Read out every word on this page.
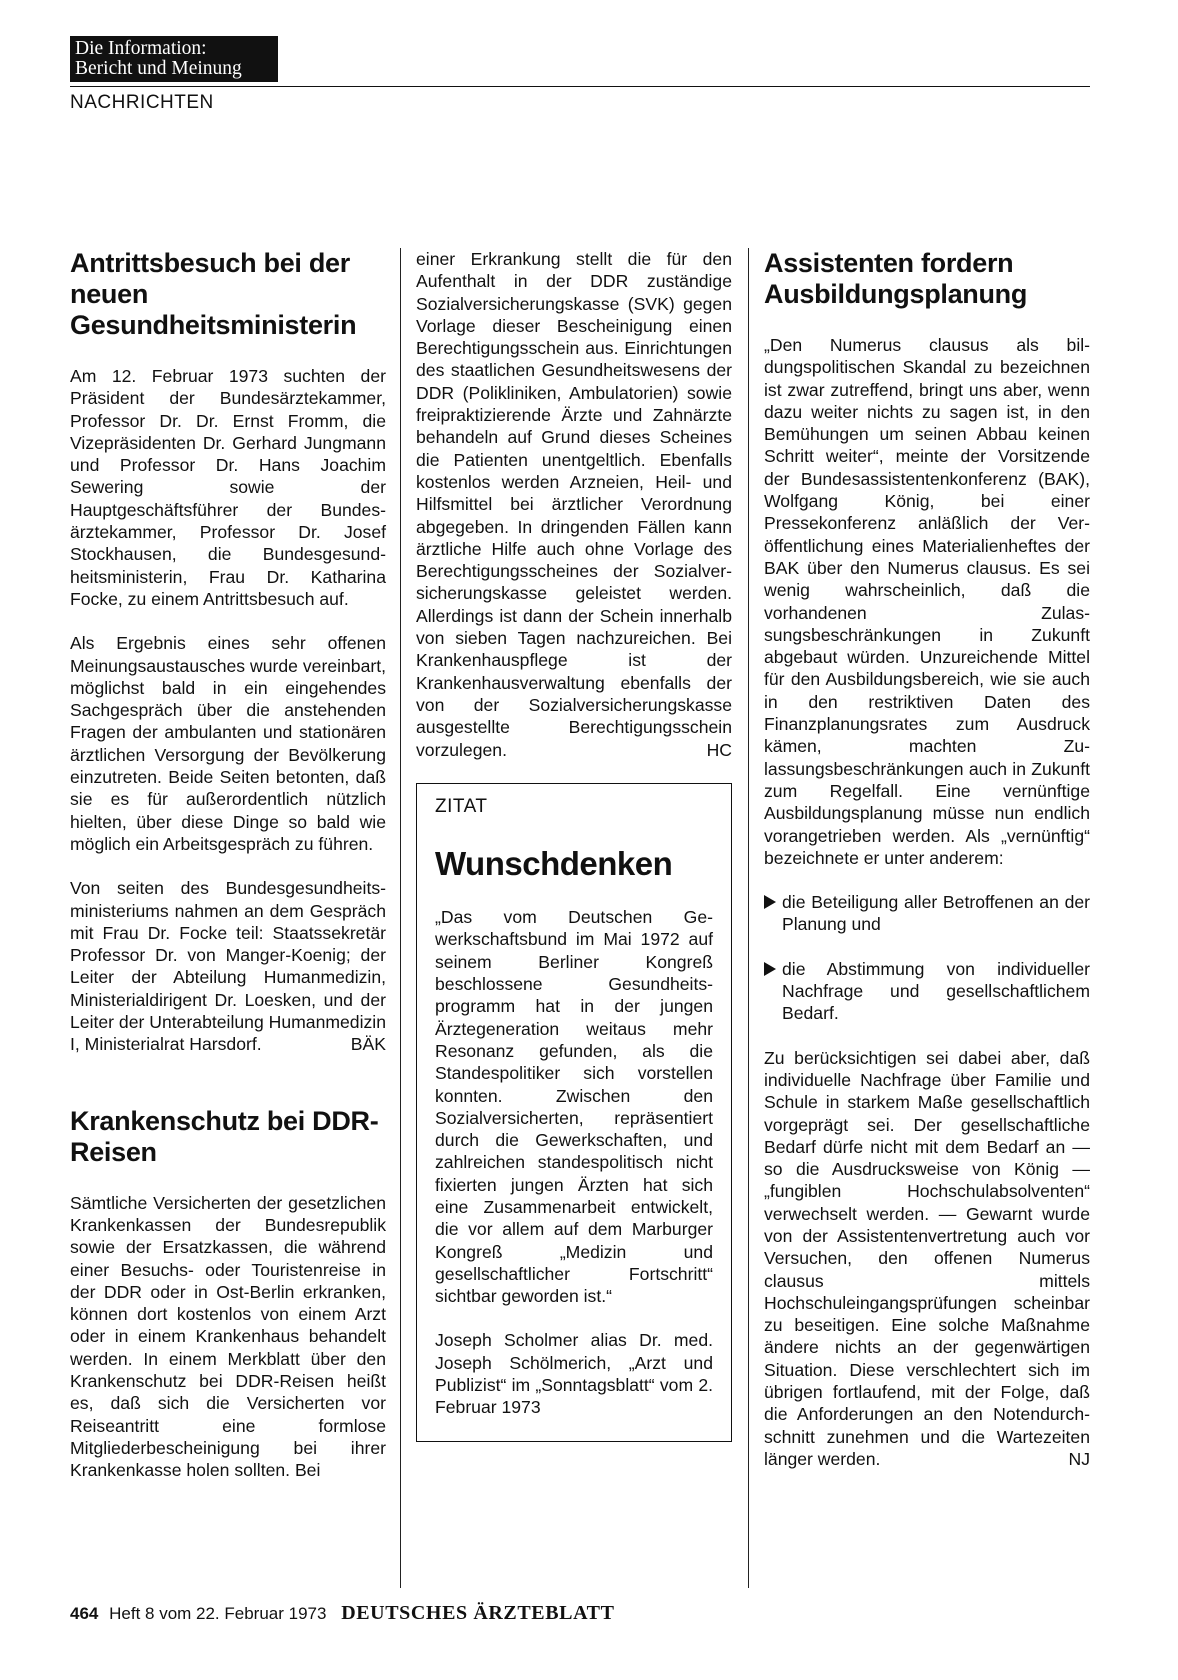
Die Information:
Bericht und Meinung
NACHRICHTEN
Antrittsbesuch bei der neuen Gesundheitsministerin

Am 12. Februar 1973 suchten der Präsident der Bundesärztekammer, Professor Dr. Dr. Ernst Fromm, die Vizepräsidenten Dr. Gerhard Jungmann und Professor Dr. Hans Joachim Sewering sowie der Hauptgeschäftsführer der Bundesärztekammer, Professor Dr. Josef Stockhausen, die Bundesgesundheitsministerin, Frau Dr. Katharina Focke, zu einem Antrittsbesuch auf.

Als Ergebnis eines sehr offenen Meinungsaustausches wurde vereinbart, möglichst bald in ein eingehendes Sachgespräch über die anstehenden Fragen der ambulanten und stationären ärztlichen Versorgung der Bevölkerung einzutreten. Beide Seiten betonten, daß sie es für außerordentlich nützlich hielten, über diese Dinge so bald wie möglich ein Arbeitsgespräch zu führen.

Von seiten des Bundesgesundheitsministeriums nahmen an dem Gespräch mit Frau Dr. Focke teil: Staatssekretär Professor Dr. von Manger-Koenig; der Leiter der Abteilung Humanmedizin, Ministerialdirigent Dr. Loesken, und der Leiter der Unterabteilung Humanmedizin I, Ministerialrat Harsdorf.	BÄK

Krankenschutz bei DDR-Reisen

Sämtliche Versicherten der gesetzlichen Krankenkassen der Bundesrepublik sowie der Ersatzkassen, die während einer Besuchs- oder Touristenreise in der DDR oder in Ost-Berlin erkranken, können dort kostenlos von einem Arzt oder in einem Krankenhaus behandelt werden. In einem Merkblatt über den Krankenschutz bei DDR-Reisen heißt es, daß sich die Versicherten vor Reiseantritt eine formlose Mitgliederbescheinigung bei ihrer Krankenkasse holen sollten. Bei

einer Erkrankung stellt die für den Aufenthalt in der DDR zuständige Sozialversicherungskasse (SVK) gegen Vorlage dieser Bescheinigung einen Berechtigungsschein aus. Einrichtungen des staatlichen Gesundheitswesens der DDR (Polikliniken, Ambulatorien) sowie freipraktizierende Ärzte und Zahnärzte behandeln auf Grund dieses Scheines die Patienten unentgeltlich. Ebenfalls kostenlos werden Arzneien, Heil- und Hilfsmittel bei ärztlicher Verordnung abgegeben. In dringenden Fällen kann ärztliche Hilfe auch ohne Vorlage des Berechtigungsscheines der Sozialversicherungskasse geleistet werden. Allerdings ist dann der Schein innerhalb von sieben Tagen nachzureichen. Bei Krankenhauspflege ist der Krankenhausverwaltung ebenfalls der von der Sozialversicherungskasse ausgestellte Berechtigungsschein vorzulegen.	HC

ZITAT
Wunschdenken

„Das vom Deutschen Gewerkschaftsbund im Mai 1972 auf seinem Berliner Kongreß beschlossene Gesundheitsprogramm hat in der jungen Ärztegeneration weitaus mehr Resonanz gefunden, als die Standespolitiker sich vorstellen konnten. Zwischen den Sozialversicherten, repräsentiert durch die Gewerkschaften, und zahlreichen standespolitisch nicht fixierten jungen Ärzten hat sich eine Zusammenarbeit entwickelt, die vor allem auf dem Marburger Kongreß „Medizin und gesellschaftlicher Fortschritt“ sichtbar geworden ist.“

Joseph Scholmer alias Dr. med. Joseph Schölmerich, „Arzt und Publizist“ im „Sonntagsblatt“ vom 2. Februar 1973

Assistenten fordern Ausbildungsplanung

„Den Numerus clausus als bildungspolitischen Skandal zu bezeichnen ist zwar zutreffend, bringt uns aber, wenn dazu weiter nichts zu sagen ist, in den Bemühungen um seinen Abbau keinen Schritt weiter“, meinte der Vorsitzende der Bundesassistentenkonferenz (BAK), Wolfgang König, bei einer Pressekonferenz anläßlich der Veröffentlichung eines Materialienheftes der BAK über den Numerus clausus. Es sei wenig wahrscheinlich, daß die vorhandenen Zulassungsbeschränkungen in Zukunft abgebaut würden. Unzureichende Mittel für den Ausbildungsbereich, wie sie auch in den restriktiven Daten des Finanzplanungsrates zum Ausdruck kämen, machten Zulassungsbeschränkungen auch in Zukunft zum Regelfall. Eine vernünftige Ausbildungsplanung müsse nun endlich vorangetrieben werden. Als „vernünftig“ bezeichnete er unter anderem:

die Beteiligung aller Betroffenen an der Planung und

die Abstimmung von individueller Nachfrage und gesellschaftlichem Bedarf.

Zu berücksichtigen sei dabei aber, daß individuelle Nachfrage über Familie und Schule in starkem Maße gesellschaftlich vorgeprägt sei. Der gesellschaftliche Bedarf dürfe nicht mit dem Bedarf an — so die Ausdrucksweise von König — „fungiblen Hochschulabsolventen“ verwechselt werden. — Gewarnt wurde von der Assistentenvertretung auch vor Versuchen, den offenen Numerus clausus mittels Hochschuleingangsprüfungen scheinbar zu beseitigen. Eine solche Maßnahme ändere nichts an der gegenwärtigen Situation. Diese verschlechtert sich im übrigen fortlaufend, mit der Folge, daß die Anforderungen an den Notendurchschnitt zunehmen und die Wartezeiten länger werden.	NJ

464 Heft 8 vom 22. Februar 1973 DEUTSCHES ÄRZTEBLATT
